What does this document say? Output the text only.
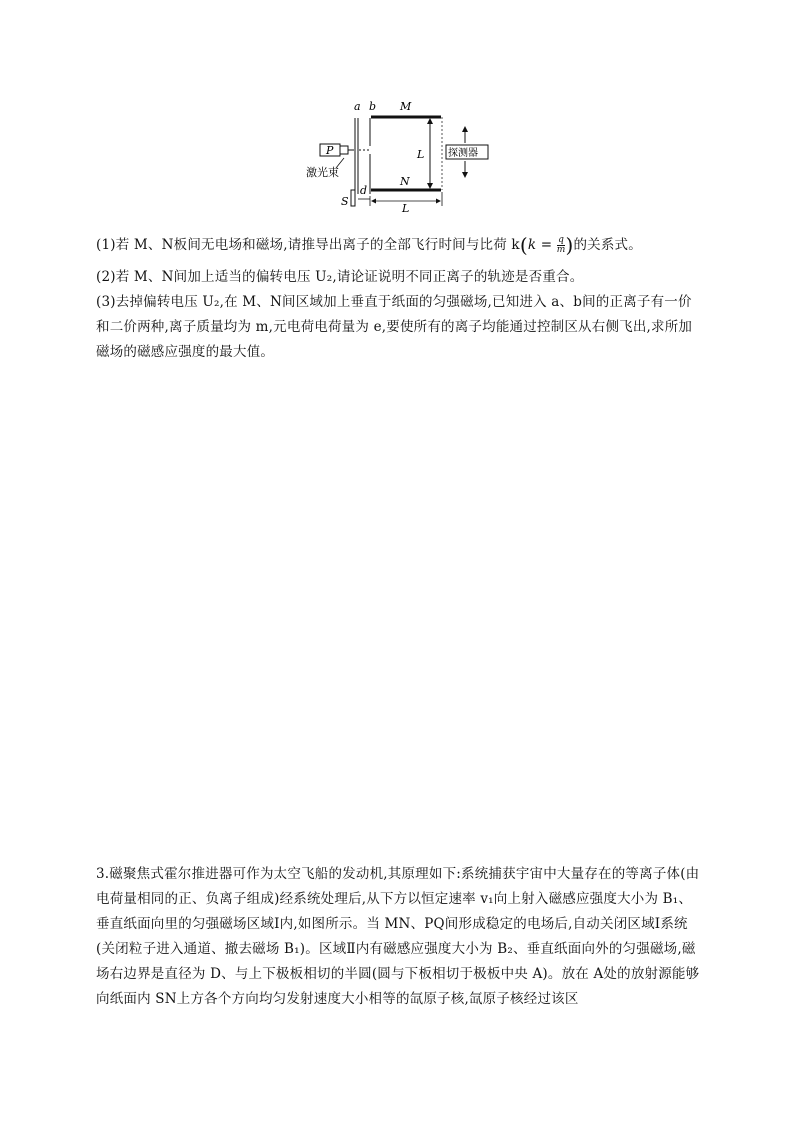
a b M
N
L 探测器
P
激光束
S
d
L
(1)若 M、N板间无电场和磁场,请推导出离子的全部飞行时间与比荷 $k(k = \frac{q}{m}$ )的关系式。
(2)若 M、N间加上适当的偏转电压 U₂,请论证说明不同正离子的轨迹是否重合。
(3)去掉偏转电压 U₂,在 M、N间区域加上垂直于纸面的匀强磁场,已知进入 a、b间的正离子有一价和二价两种,离子质量均为 m,元电荷电荷量为 e,要使所有的离子均能通过控制区从右侧飞出,求所加磁场的磁感应强度的最大值。
3.磁聚焦式霍尔推进器可作为太空飞船的发动机,其原理如下:系统捕获宇宙中大量存在的等离子体(由电荷量相同的正、负离子组成)经系统处理后,从下方以恒定速率 v₁向上射入磁感应强度大小为 B₁、垂直纸面向里的匀强磁场区域Ⅰ内,如图所示。当 MN、PQ间形成稳定的电场后,自动关闭区域Ⅰ系统(关闭粒子进入通道、撤去磁场 B₁)。区域Ⅱ内有磁感应强度大小为 B₂、垂直纸面向外的匀强磁场,磁场右边界是直径为 D、与上下极板相切的半圆(圆与下板相切于极板中央 A)。放在 A处的放射源能够向纸面内 SN上方各个方向均匀发射速度大小相等的氙原子核,氙原子核经过该区
